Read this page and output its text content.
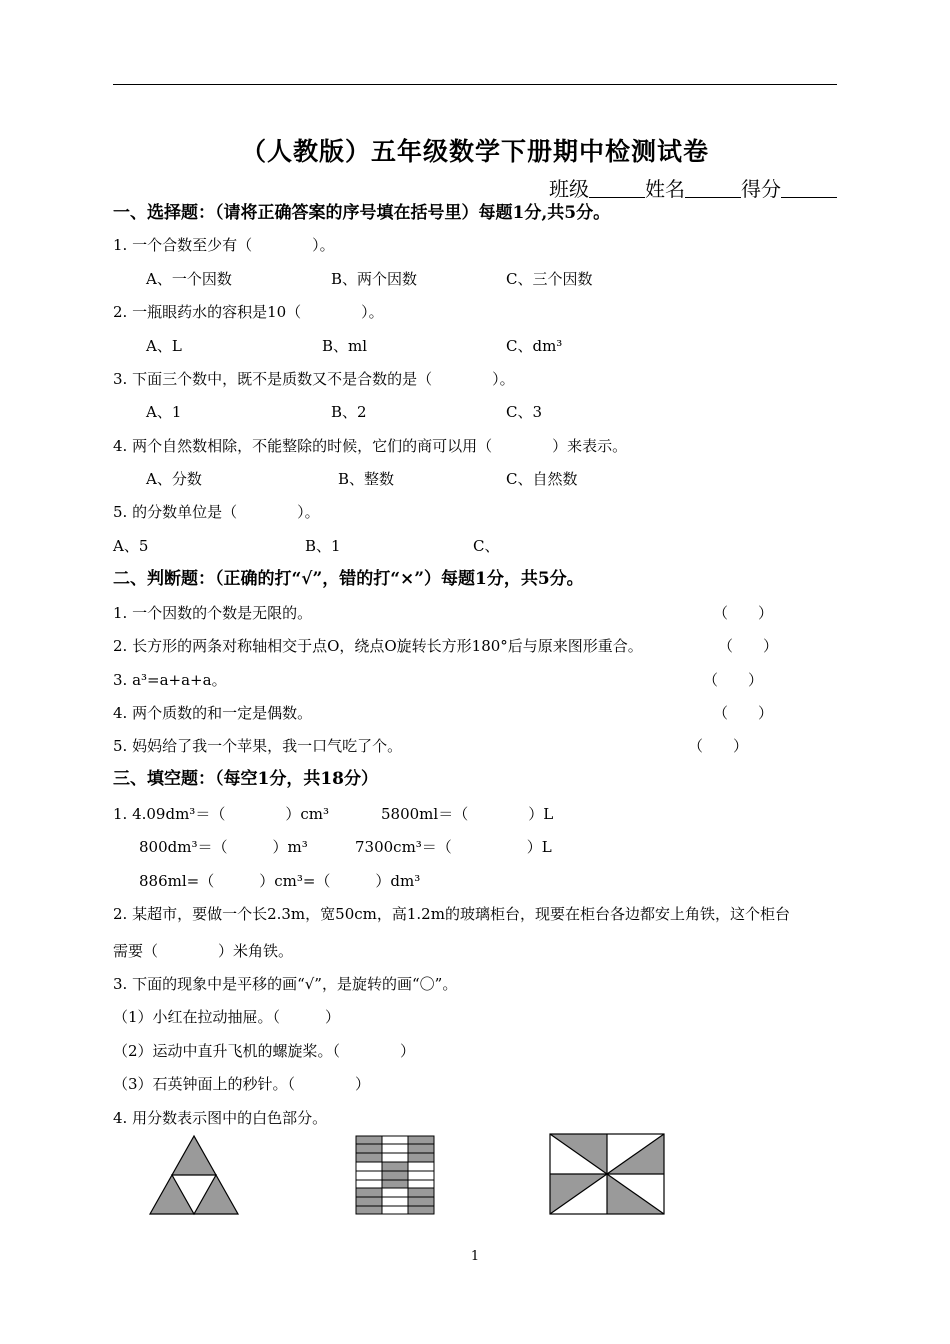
（人教版）五年级数学下册期中检测试卷
班级	姓名	得分
一、选择题：（请将正确答案的序号填在括号里）每题1分,共5分。
1. 一个合数至少有（　　　　）。
A、一个因数	B、两个因数	C、三个因数
2. 一瓶眼药水的容积是10（　　　　）。
A、L	B、ml	C、dm³
3. 下面三个数中，既不是质数又不是合数的是（　　　　）。
A、1	B、2	C、3
4. 两个自然数相除，不能整除的时候，它们的商可以用（　　　　）来表示。
A、分数	B、整数	C、自然数
5. 的分数单位是（　　　　）。
A、5	B、1	C、
二、判断题：（正确的打“√”，错的打“×”）每题1分，共5分。
1. 一个因数的个数是无限的。	（　　）
2. 长方形的两条对称轴相交于点O，绕点O旋转长方形180°后与原来图形重合。	（　　）
3. a³=a+a+a。	（　　）
4. 两个质数的和一定是偶数。	（　　）
5. 妈妈给了我一个苹果，我一口气吃了个。	（　　）
三、填空题：（每空1分，共18分）
1. 4.09dm³＝（　　　　）cm³	5800ml＝（　　　　）L
800dm³＝（　　　）m³	7300cm³＝（　　　　　）L
886ml=（　　　）cm³=（　　　）dm³
2. 某超市，要做一个长2.3m，宽50cm，高1.2m的玻璃柜台，现要在柜台各边都安上角铁，这个柜台
需要（　　　　）米角铁。
3. 下面的现象中是平移的画“√”，是旋转的画“〇”。
（1）小红在拉动抽屉。（　　　）
（2）运动中直升飞机的螺旋桨。（　　　　）
（3）石英钟面上的秒针。（　　　　）
4. 用分数表示图中的白色部分。
1
